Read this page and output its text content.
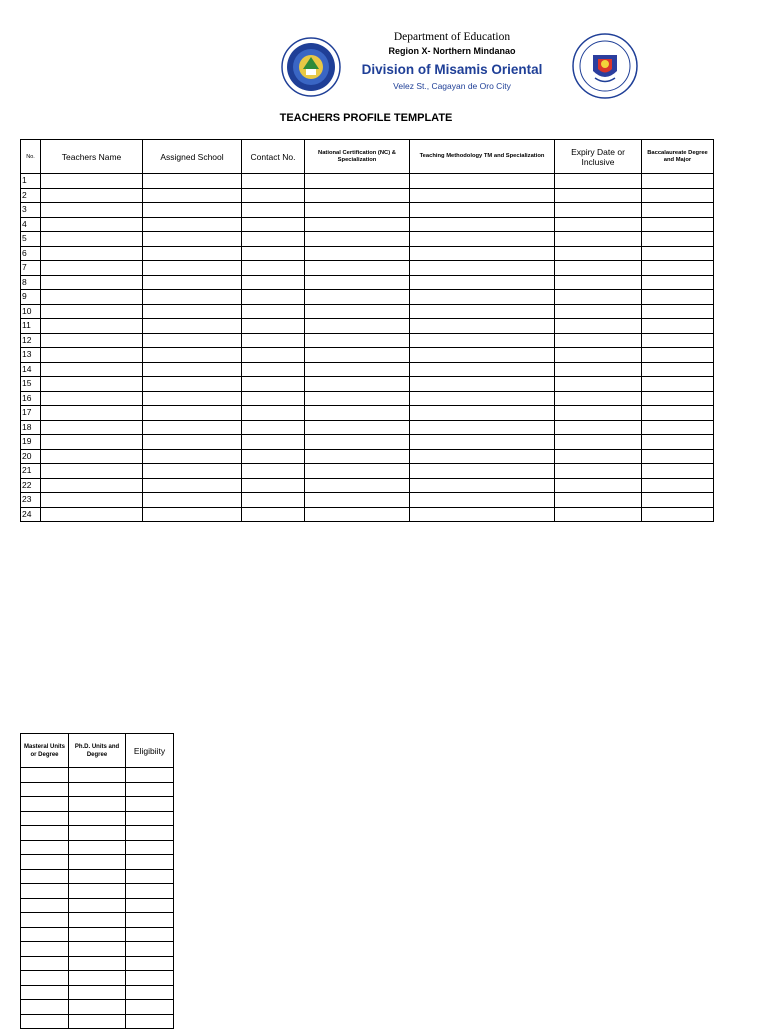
Department of Education
Region X- Northern Mindanao
Division of Misamis Oriental
Velez St., Cagayan de Oro City
TEACHERS PROFILE TEMPLATE
No.	Teachers Name	Assigned School	Contact No.	National Certification (NC) & Specialization	Teaching Methodology TM and Specialization	Expiry Date or Inclusive	Baccalaureate Degree and Major
1							
2							
3							
4							
5							
6							
7							
8							
9							
10							
11							
12							
13							
14							
15							
16							
17							
18							
19							
20							
21							
22							
23							
24							
Masteral Units or Degree	Ph.D. Units and Degree	Eligibiity
